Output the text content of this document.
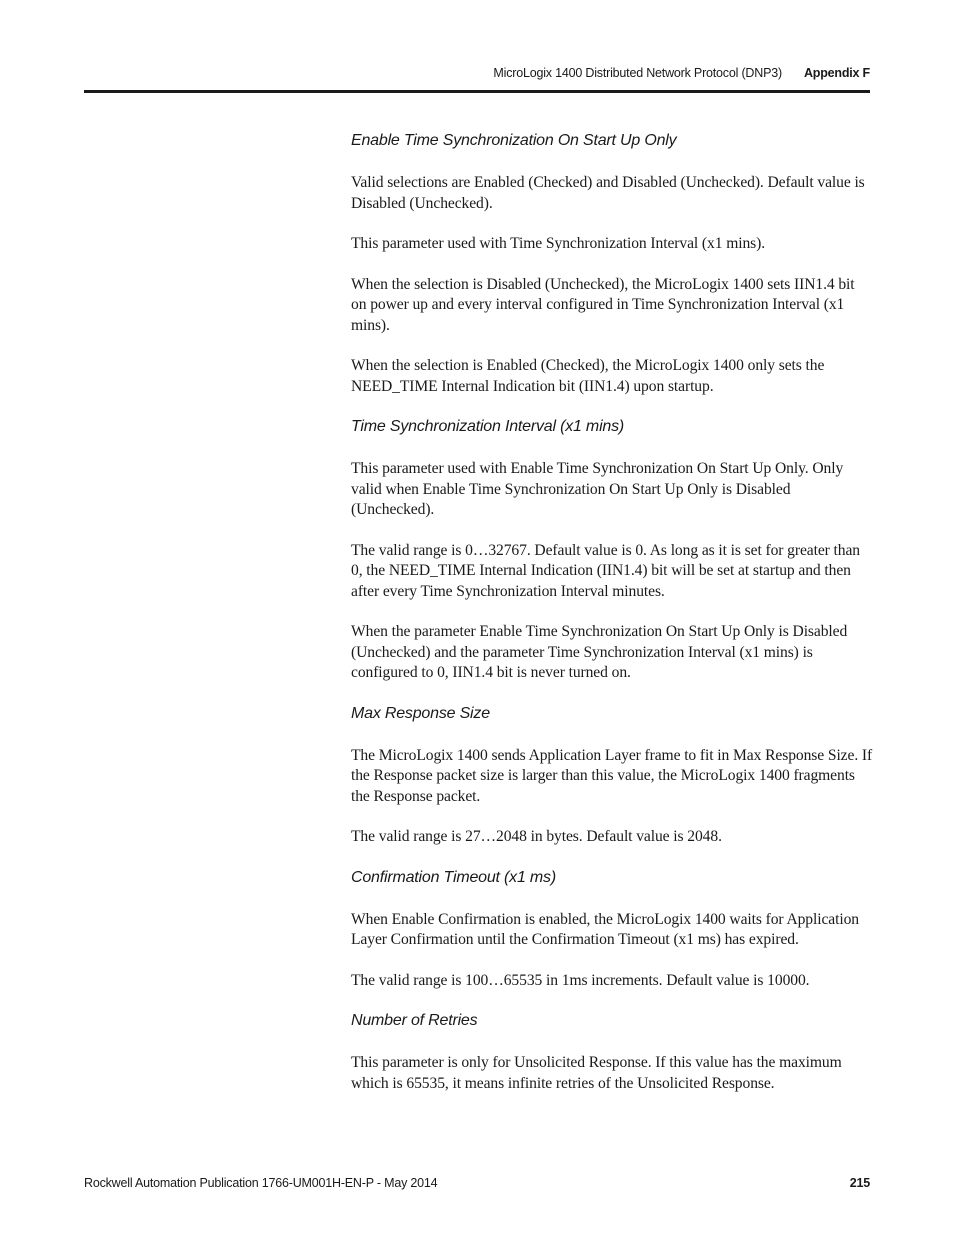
MicroLogix 1400 Distributed Network Protocol (DNP3) Appendix F
Enable Time Synchronization On Start Up Only

Valid selections are Enabled (Checked) and Disabled (Unchecked). Default value is Disabled (Unchecked).

This parameter used with Time Synchronization Interval (x1 mins).

When the selection is Disabled (Unchecked), the MicroLogix 1400 sets IIN1.4 bit on power up and every interval configured in Time Synchronization Interval (x1 mins).

When the selection is Enabled (Checked), the MicroLogix 1400 only sets the NEED_TIME Internal Indication bit (IIN1.4) upon startup.

Time Synchronization Interval (x1 mins)

This parameter used with Enable Time Synchronization On Start Up Only. Only valid when Enable Time Synchronization On Start Up Only is Disabled (Unchecked).

The valid range is 0…32767. Default value is 0. As long as it is set for greater than 0, the NEED_TIME Internal Indication (IIN1.4) bit will be set at startup and then after every Time Synchronization Interval minutes.

When the parameter Enable Time Synchronization On Start Up Only is Disabled (Unchecked) and the parameter Time Synchronization Interval (x1 mins) is configured to 0, IIN1.4 bit is never turned on.

Max Response Size

The MicroLogix 1400 sends Application Layer frame to fit in Max Response Size. If the Response packet size is larger than this value, the MicroLogix 1400 fragments the Response packet.

The valid range is 27…2048 in bytes. Default value is 2048.

Confirmation Timeout (x1 ms)

When Enable Confirmation is enabled, the MicroLogix 1400 waits for Application Layer Confirmation until the Confirmation Timeout (x1 ms) has expired.

The valid range is 100…65535 in 1ms increments. Default value is 10000.

Number of Retries

This parameter is only for Unsolicited Response. If this value has the maximum which is 65535, it means infinite retries of the Unsolicited Response.

Rockwell Automation Publication 1766-UM001H-EN-P - May 2014	215
